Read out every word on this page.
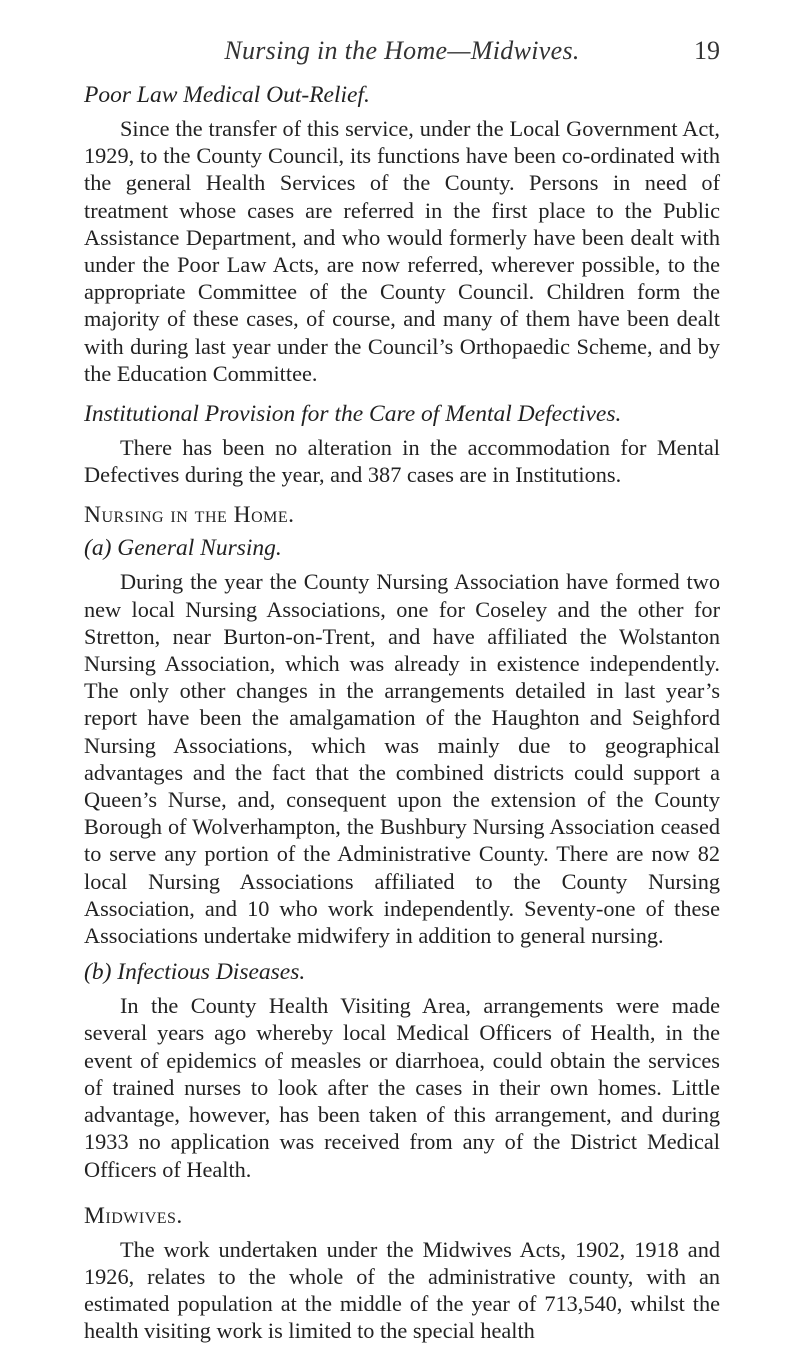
Nursing in the Home—Midwives.	19
Poor Law Medical Out-Relief.

Since the transfer of this service, under the Local Government Act, 1929, to the County Council, its functions have been co-ordinated with the general Health Services of the County. Persons in need of treatment whose cases are referred in the first place to the Public Assistance Department, and who would formerly have been dealt with under the Poor Law Acts, are now referred, wherever possible, to the appropriate Committee of the County Council. Children form the majority of these cases, of course, and many of them have been dealt with during last year under the Council’s Orthopaedic Scheme, and by the Education Committee.

Institutional Provision for the Care of Mental Defectives.

There has been no alteration in the accommodation for Mental Defectives during the year, and 387 cases are in Institutions.

Nursing in the Home.
(a) General Nursing.

During the year the County Nursing Association have formed two new local Nursing Associations, one for Coseley and the other for Stretton, near Burton-on-Trent, and have affiliated the Wolstanton Nursing Association, which was already in existence independently. The only other changes in the arrangements detailed in last year’s report have been the amalgamation of the Haughton and Seighford Nursing Associations, which was mainly due to geographical advantages and the fact that the combined districts could support a Queen’s Nurse, and, consequent upon the extension of the County Borough of Wolverhampton, the Bushbury Nursing Association ceased to serve any portion of the Administrative County. There are now 82 local Nursing Associations affiliated to the County Nursing Association, and 10 who work independently. Seventy-one of these Associations undertake midwifery in addition to general nursing.

(b) Infectious Diseases.

In the County Health Visiting Area, arrangements were made several years ago whereby local Medical Officers of Health, in the event of epidemics of measles or diarrhoea, could obtain the services of trained nurses to look after the cases in their own homes. Little advantage, however, has been taken of this arrangement, and during 1933 no application was received from any of the District Medical Officers of Health.

Midwives.

The work undertaken under the Midwives Acts, 1902, 1918 and 1926, relates to the whole of the administrative county, with an estimated population at the middle of the year of 713,540, whilst the health visiting work is limited to the special health
